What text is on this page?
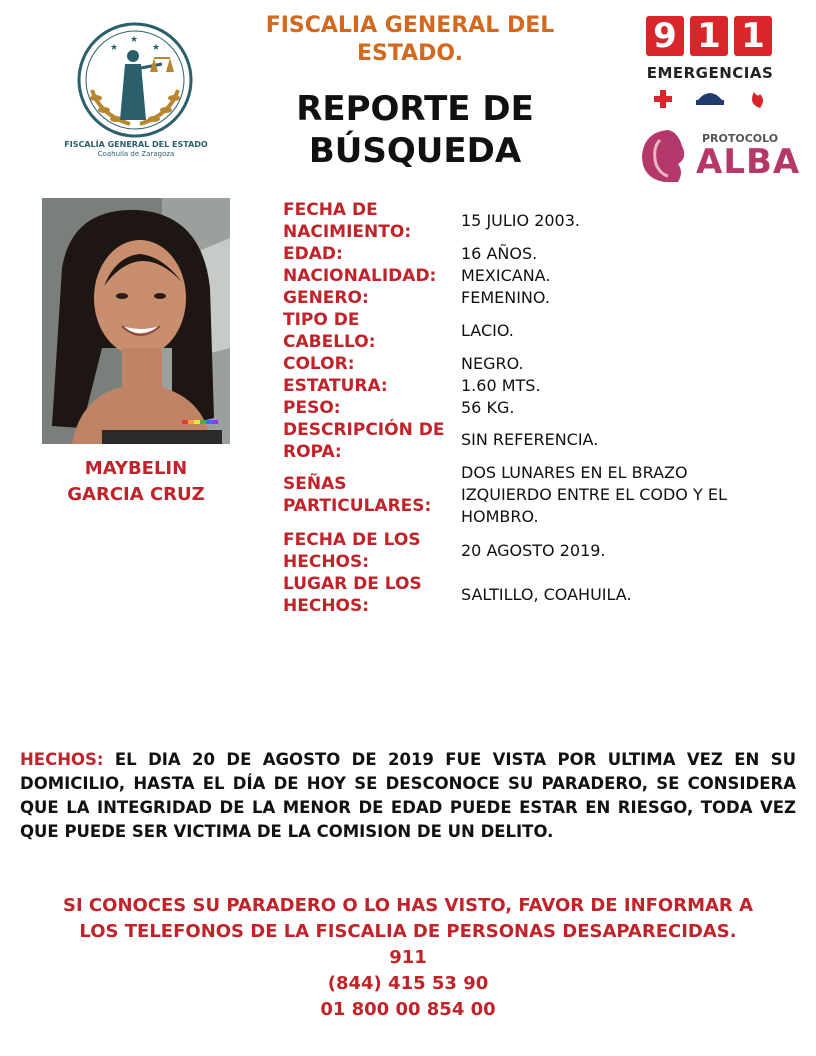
★	★
★
FISCALÍA GENERAL DEL ESTADO
Coahuila de Zaragoza
FISCALIA GENERAL DEL
ESTADO.
REPORTE DE
BÚSQUEDA
9 1 1
EMERGENCIAS
PROTOCOLO
ALBA
MAYBELIN
GARCIA CRUZ
FECHA DE
NACIMIENTO:
15 JULIO 2003.
EDAD:	16 AÑOS.
NACIONALIDAD:	MEXICANA.
GENERO:	FEMENINO.
TIPO DE
CABELLO:
LACIO.
COLOR:	NEGRO.
ESTATURA:	1.60 MTS.
PESO:	56 KG.
DESCRIPCIÓN DE
ROPA:
SIN REFERENCIA.
SEÑAS
PARTICULARES:
DOS LUNARES EN EL BRAZO
IZQUIERDO ENTRE EL CODO Y EL
HOMBRO.
FECHA DE LOS
HECHOS:
20 AGOSTO 2019.
LUGAR DE LOS
HECHOS:
SALTILLO, COAHUILA.
HECHOS: EL DIA 20 DE AGOSTO DE 2019 FUE VISTA POR ULTIMA VEZ EN SU DOMICILIO, HASTA EL DÍA DE HOY SE DESCONOCE SU PARADERO, SE CONSIDERA QUE LA INTEGRIDAD DE LA MENOR DE EDAD PUEDE ESTAR EN RIESGO, TODA VEZ QUE PUEDE SER VICTIMA DE LA COMISION DE UN DELITO.
SI CONOCES SU PARADERO O LO HAS VISTO, FAVOR DE INFORMAR A
LOS TELEFONOS DE LA FISCALIA DE PERSONAS DESAPARECIDAS.
911
(844) 415 53 90
01 800 00 854 00
